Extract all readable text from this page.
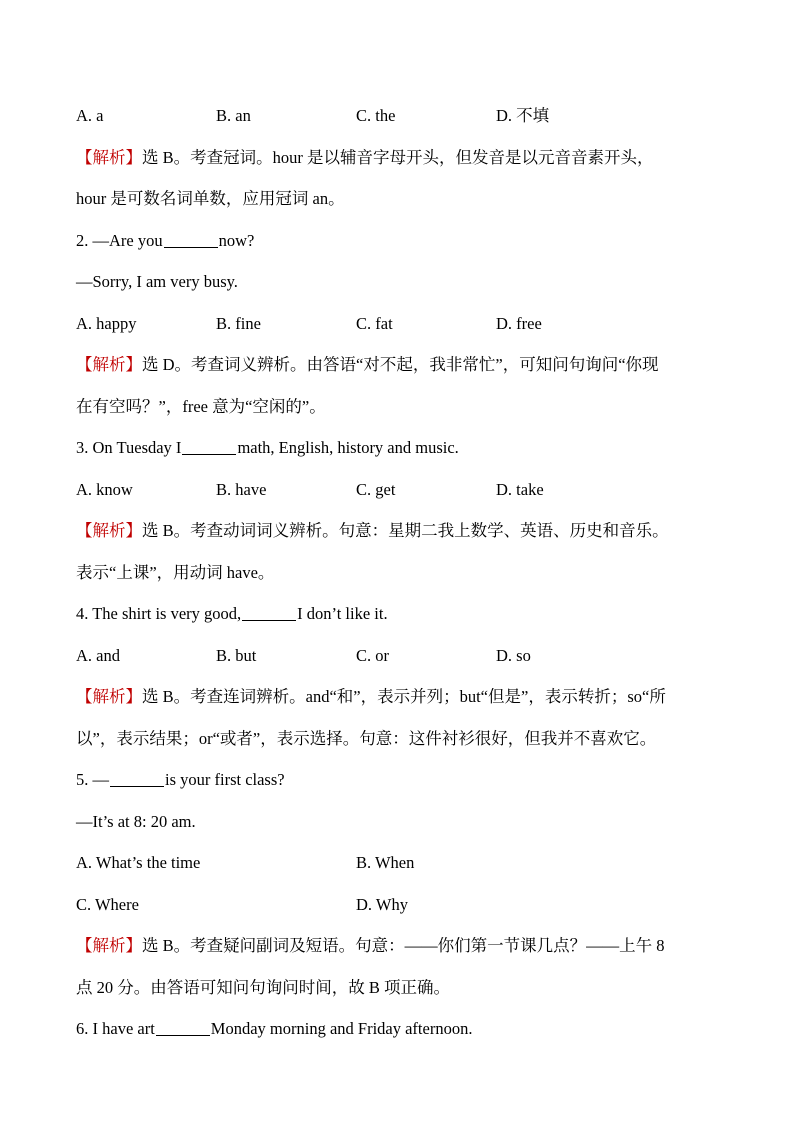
A. a	B. an	C. the	D. 不填
【解析】选 B。考查冠词。hour 是以辅音字母开头，但发音是以元音音素开头，
hour 是可数名词单数，应用冠词 an。
2. —Are you	now?
—Sorry, I am very busy.
A. happy	B. fine	C. fat	D. free
【解析】选 D。考查词义辨析。由答语“对不起，我非常忙”，可知问句询问“你现
在有空吗？”，free 意为“空闲的”。
3. On Tuesday I	math, English, history and music.
A. know	B. have	C. get	D. take
【解析】选 B。考查动词词义辨析。句意：星期二我上数学、英语、历史和音乐。
表示“上课”，用动词 have。
4. The shirt is very good,	I don’t like it.
A. and	B. but	C. or	D. so
【解析】选 B。考查连词辨析。and“和”，表示并列；but“但是”，表示转折；so“所
以”，表示结果；or“或者”，表示选择。句意：这件衬衫很好，但我并不喜欢它。
5. —	is your first class?
—It’s at 8: 20 am.
A. What’s the time	B. When
C. Where	D. Why
【解析】选 B。考查疑问副词及短语。句意：——你们第一节课几点？——上午 8
点 20 分。由答语可知问句询问时间，故 B 项正确。
6. I have art	Monday morning and Friday afternoon.
